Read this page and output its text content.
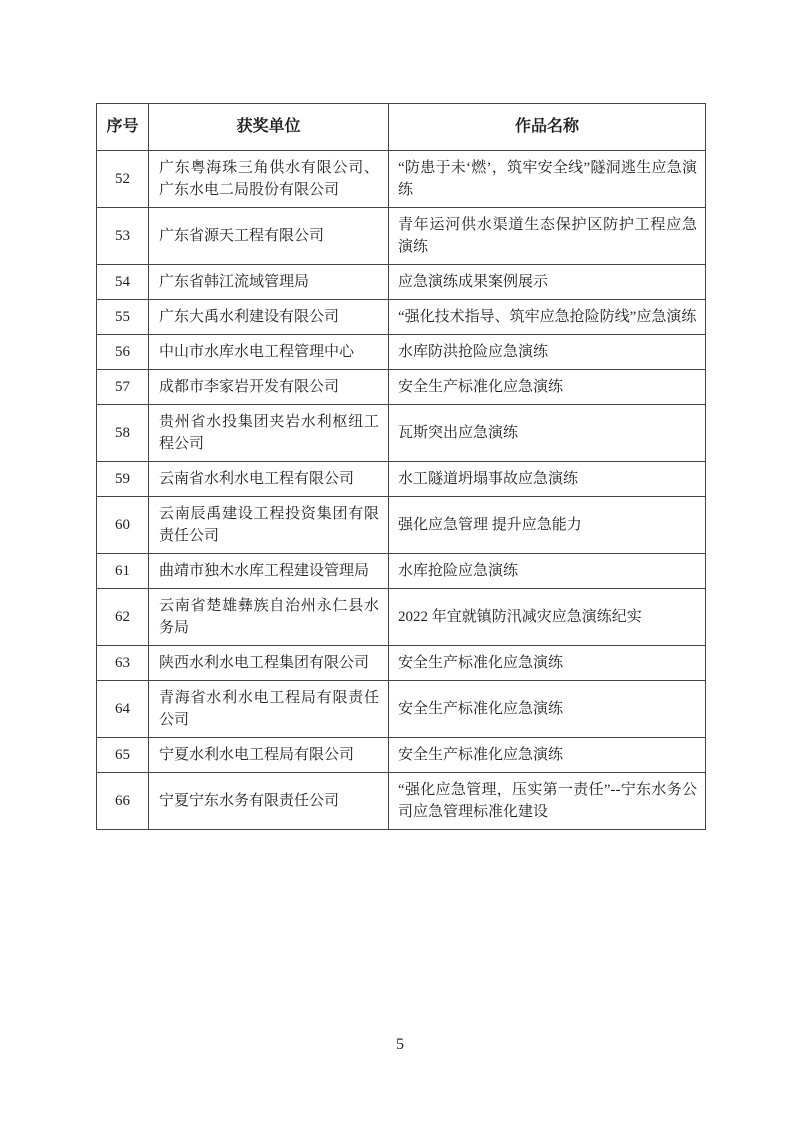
序号	获奖单位	作品名称
52	广东粤海珠三角供水有限公司、广东水电二局股份有限公司	“防患于未‘燃’，筑牢安全线”隧洞逃生应急演练
53	广东省源天工程有限公司	青年运河供水渠道生态保护区防护工程应急演练
54	广东省韩江流域管理局	应急演练成果案例展示
55	广东大禹水利建设有限公司	“强化技术指导、筑牢应急抢险防线”应急演练
56	中山市水库水电工程管理中心	水库防洪抢险应急演练
57	成都市李家岩开发有限公司	安全生产标准化应急演练
58	贵州省水投集团夹岩水利枢纽工程公司	瓦斯突出应急演练
59	云南省水利水电工程有限公司	水工隧道坍塌事故应急演练
60	云南辰禹建设工程投资集团有限责任公司	强化应急管理 提升应急能力
61	曲靖市独木水库工程建设管理局	水库抢险应急演练
62	云南省楚雄彝族自治州永仁县水务局	2022 年宜就镇防汛减灾应急演练纪实
63	陕西水利水电工程集团有限公司	安全生产标准化应急演练
64	青海省水利水电工程局有限责任公司	安全生产标准化应急演练
65	宁夏水利水电工程局有限公司	安全生产标准化应急演练
66	宁夏宁东水务有限责任公司	“强化应急管理，压实第一责任”--宁东水务公司应急管理标准化建设
5
